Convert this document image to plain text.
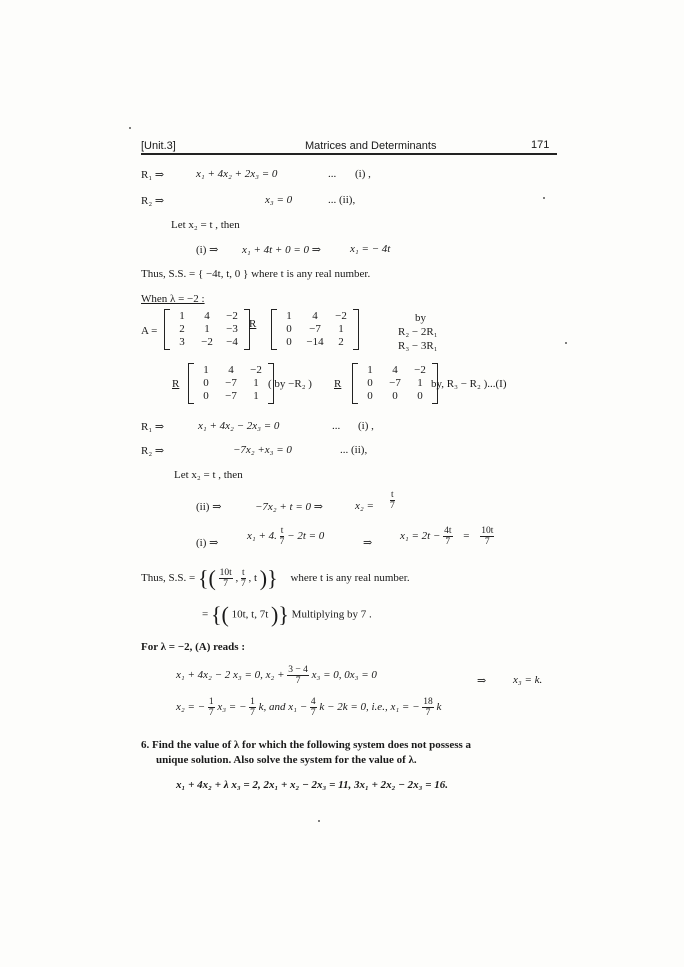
[Unit.3]	Matrices and Determinants	171
R₁ ⇒	x₁ + 4x₂ + 2x₃ = 0	... (i) ,
R₂ ⇒	x₃ = 0	... (ii),
Let x₂ = t , then
(i) ⇒ x₁ + 4t + 0 = 0 ⇒	x₁ = − 4t
Thus, S.S. = { −4t, t, 0 } where t is any real number.
When λ = −2 :
A =
1	4	−2
2	1	−3
3	−2 −4
R
1	4	−2
0	−7	1
0	−14	2
by
R₂ − 2R₁
R₃ − 3R₁
R
1	4	−2
0	−7	1
0	−7	1
( by −R₂ ) R
1	4	−2
0	−7	1
0	0	0
by, R₃ − R₂ )...(I)
R₁ ⇒	x₁ + 4x₂ − 2x₃ = 0	... (i) ,
R₂ ⇒	−7x₂ +x₃ = 0	... (ii),
Let x₂ = t , then
(ii) ⇒	−7x₂ + t = 0 ⇒	$x_2 = \frac{t}{7}$
(i) ⇒
x₁ + 4. $\frac{t}{7} - 2t = 0$
⇒
$x_1 = 2t - \frac{4t}{7} = \frac{10t}{7}$
Thus, S.S. = {( $\frac{10t}{7}$ , $\frac{t}{7}$ , t )} where t is any real number.
= {( 10t, t, 7t )} Multiplying by 7 .
For λ = −2, (A) reads :
x₁ + 4x₂ − 2 x₃ = 0, $x_2 + \frac{3 - 4}{7} x_3 = 0$, 0x₃ = 0	⇒ x₃ = k.
x₂ = − $\frac{1}{7} x_3$ = − $\frac{1}{7} k$, and $x_1 - \frac{4}{7}$ k − 2k = 0, i.e., x₁ = − $\frac{18}{7}$ k
6. Find the value of λ for which the following system does not possess a
unique solution. Also solve the system for the value of λ.
x₁ + 4x₂ + λ x₃ = 2, 2x₁ + x₂ − 2x₃ = 11, 3x₁ + 2x₂ − 2x₃ = 16.
